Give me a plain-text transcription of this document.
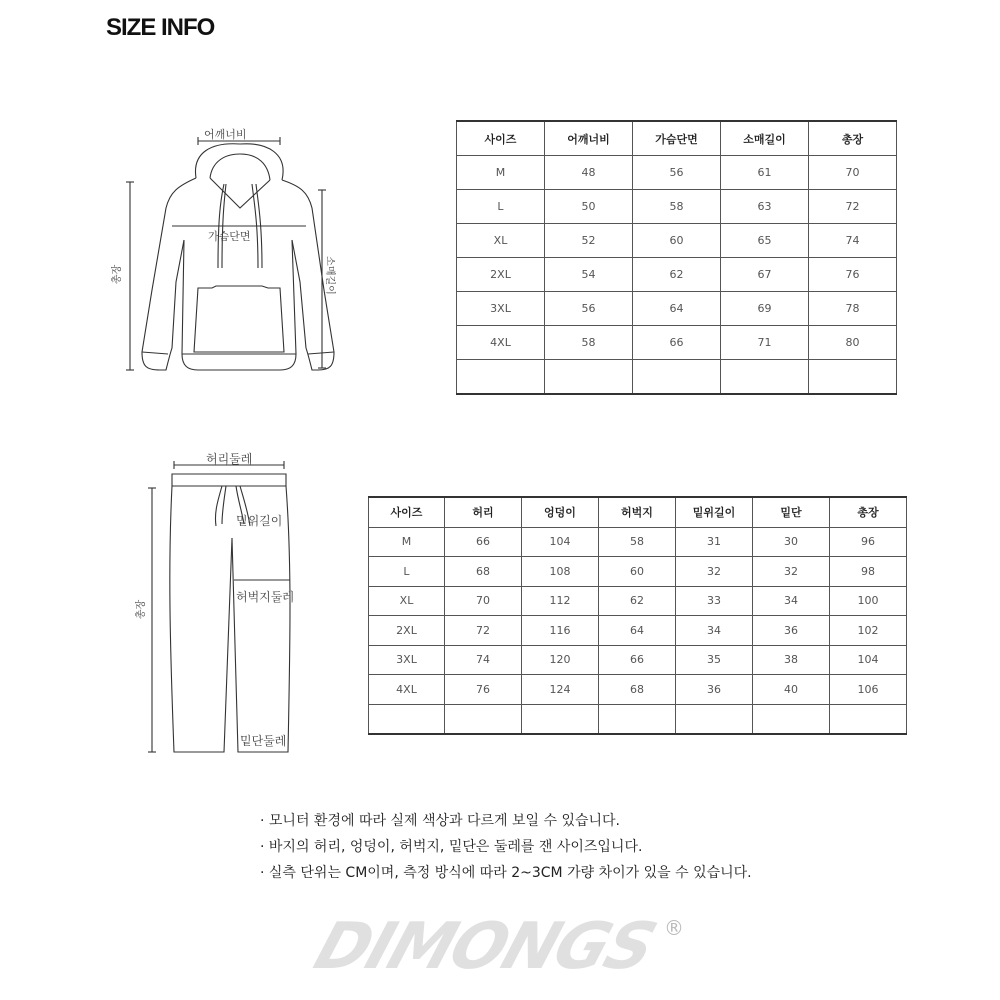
SIZE INFO
어깨너비
가슴단면
총장	소매길이
허리둘레
밑위길이
허벅지둘레
밑단둘레
총장
사이즈	어깨너비	가슴단면	소매길이	총장
M	48	56	61	70
L	50	58	63	72
XL	52	60	65	74
2XL	54	62	67	76
3XL	56	64	69	78
4XL	58	66	71	80

사이즈	허리	엉덩이	허벅지	밑위길이	밑단	총장
M	66	104	58	31	30	96
L	68	108	60	32	32	98
XL	70	112	62	33	34	100
2XL	72	116	64	34	36	102
3XL	74	120	66	35	38	104
4XL	76	124	68	36	40	106

· 모니터 환경에 따라 실제 색상과 다르게 보일 수 있습니다.
· 바지의 허리, 엉덩이, 허벅지, 밑단은 둘레를 잰 사이즈입니다.
· 실측 단위는 CM이며, 측정 방식에 따라 2~3CM 가량 차이가 있을 수 있습니다.
DIMONGS ®
